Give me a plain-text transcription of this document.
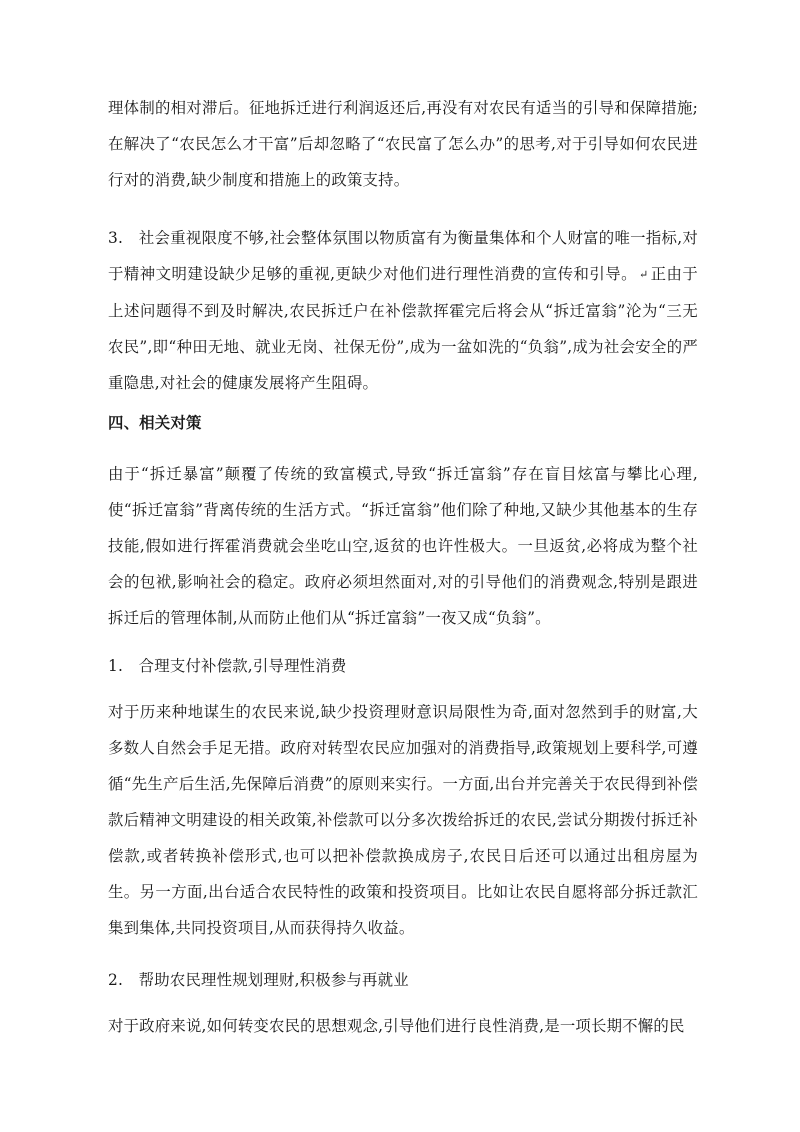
理体制的相对滞后。征地拆迁进行利润返还后,再没有对农民有适当的引导和保障措施;在解决了“农民怎么才干富”后却忽略了“农民富了怎么办”的思考,对于引导如何农民进行对的消费,缺少制度和措施上的政策支持。

3.　社会重视限度不够,社会整体氛围以物质富有为衡量集体和个人财富的唯一指标,对于精神文明建设缺少足够的重视,更缺少对他们进行理性消费的宣传和引导。 ↵ 正由于上述问题得不到及时解决,农民拆迁户在补偿款挥霍完后将会从“拆迁富翁”沦为“三无农民”,即“种田无地、就业无岗、社保无份”,成为一盆如洗的“负翁”,成为社会安全的严重隐患,对社会的健康发展将产生阻碍。

四、相关对策

由于“拆迁暴富”颠覆了传统的致富模式,导致“拆迁富翁”存在盲目炫富与攀比心理,使“拆迁富翁”背离传统的生活方式。“拆迁富翁”他们除了种地,又缺少其他基本的生存技能,假如进行挥霍消费就会坐吃山空,返贫的也许性极大。一旦返贫,必将成为整个社会的包袱,影响社会的稳定。政府必须坦然面对,对的引导他们的消费观念,特别是跟进拆迁后的管理体制,从而防止他们从“拆迁富翁”一夜又成“负翁”。

1.　合理支付补偿款,引导理性消费

对于历来种地谋生的农民来说,缺少投资理财意识局限性为奇,面对忽然到手的财富,大多数人自然会手足无措。政府对转型农民应加强对的消费指导,政策规划上要科学,可遵循“先生产后生活,先保障后消费”的原则来实行。一方面,出台并完善关于农民得到补偿款后精神文明建设的相关政策,补偿款可以分多次拨给拆迁的农民,尝试分期拨付拆迁补偿款,或者转换补偿形式,也可以把补偿款换成房子,农民日后还可以通过出租房屋为生。另一方面,出台适合农民特性的政策和投资项目。比如让农民自愿将部分拆迁款汇集到集体,共同投资项目,从而获得持久收益。

2.　帮助农民理性规划理财,积极参与再就业

对于政府来说,如何转变农民的思想观念,引导他们进行良性消费,是一项长期不懈的民
